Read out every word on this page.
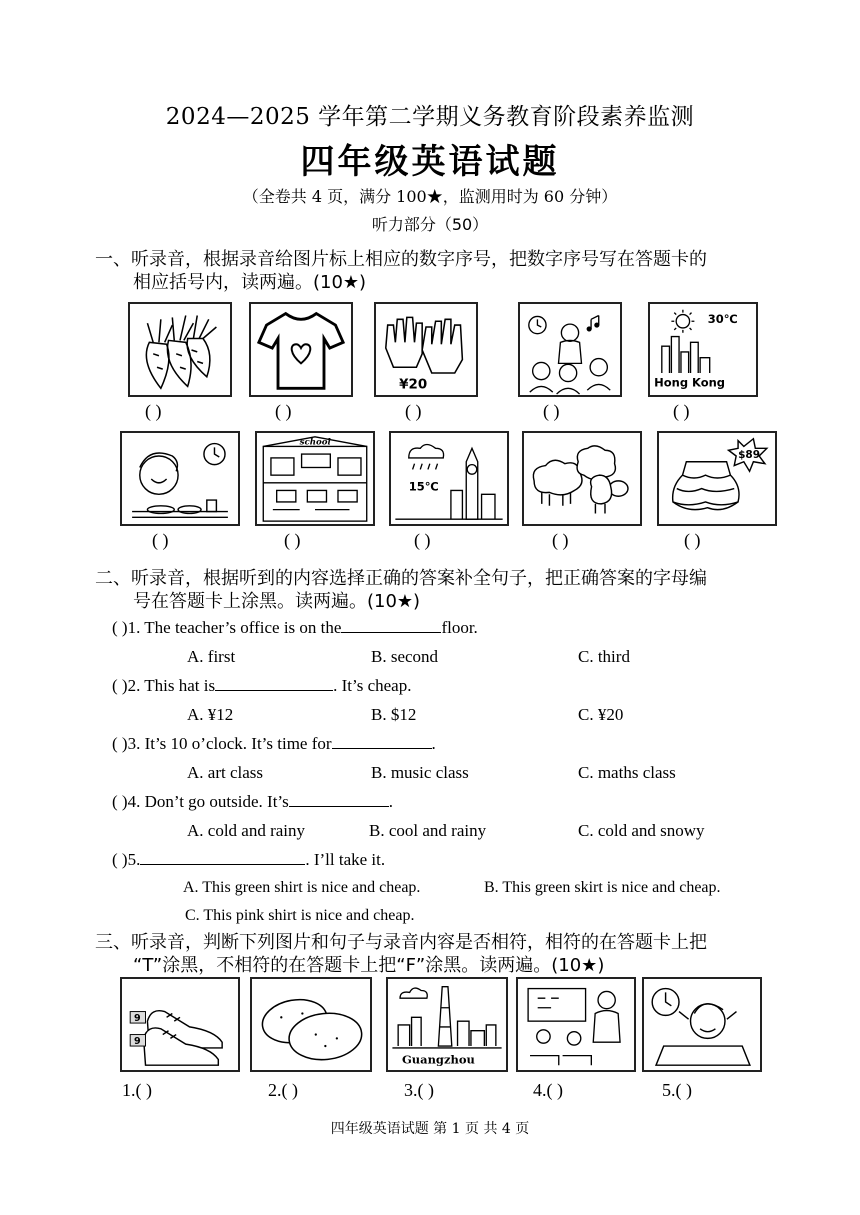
2024—2025 学年第二学期义务教育阶段素养监测
四年级英语试题
（全卷共 4 页，满分 100★，监测用时为 60 分钟）
听力部分（50）
一、听录音，根据录音给图片标上相应的数字序号，把数字序号写在答题卡的
相应括号内，读两遍。(10★)
¥20
30℃
Hong Kong
( )	( )	( )	( )	( )
school
15℃
$89
( )	( )	( )	( )	( )
二、听录音，根据听到的内容选择正确的答案补全句子，把正确答案的字母编
号在答题卡上涂黑。读两遍。(10★)
( )1. The teacher’s office is on the	floor.
A. first	B. second	C. third
( )2. This hat is	. It’s cheap.
A. ¥12	B. $12	C. ¥20
( )3. It’s 10 o’clock. It’s time for	.
A. art class	B. music class	C. maths class
( )4. Don’t go outside. It’s	.
A. cold and rainy	B. cool and rainy	C. cold and snowy
( )5.	. I’ll take it.
A. This green shirt is nice and cheap.	B. This green skirt is nice and cheap.
C. This pink shirt is nice and cheap.
三、听录音，判断下列图片和句子与录音内容是否相符，相符的在答题卡上把
“T”涂黑，不相符的在答题卡上把“F”涂黑。读两遍。(10★)
9
9
Guangzhou
1.( )	2.( )	3.( )	4.( )	5.( )
四年级英语试题 第 1 页 共 4 页
